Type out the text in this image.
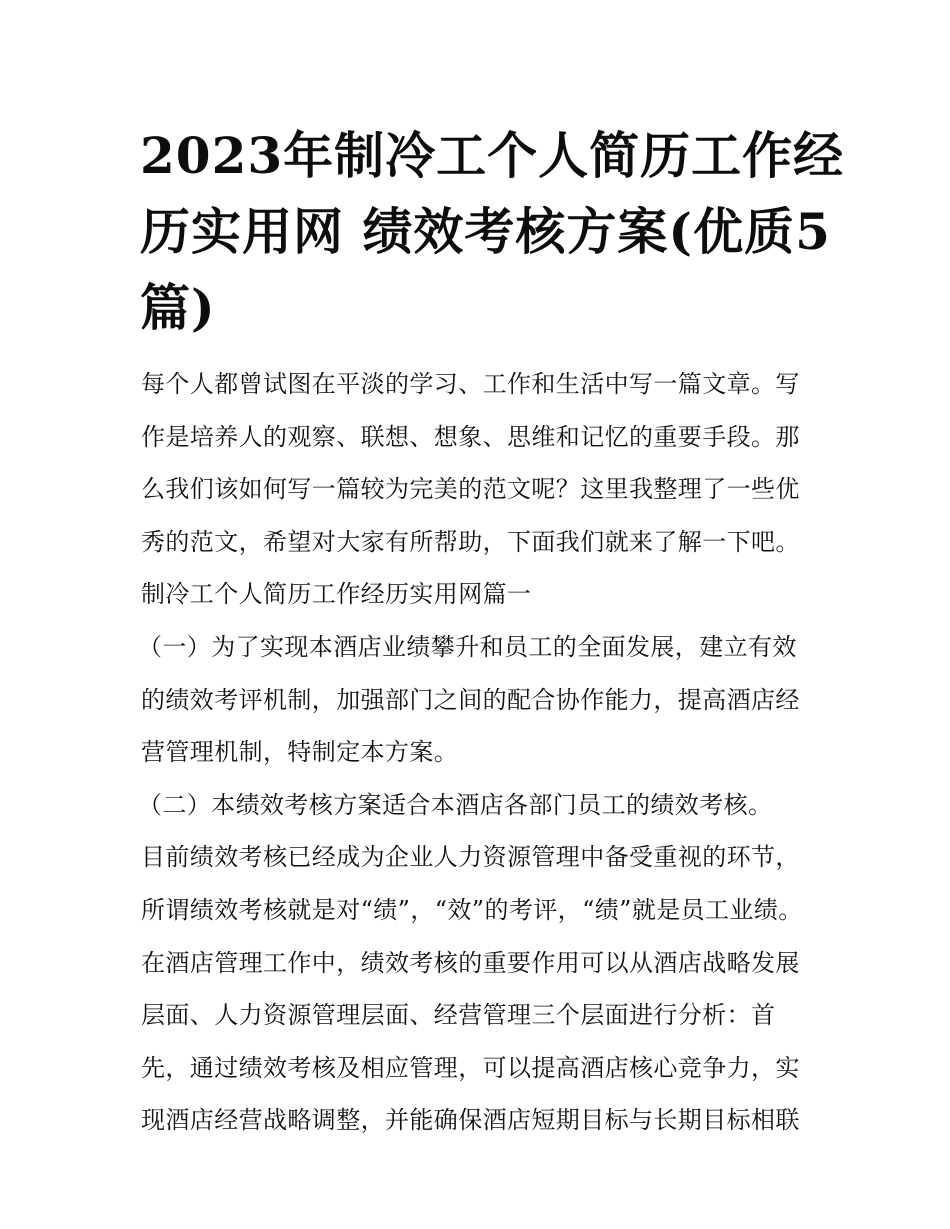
2023年制冷工个人简历工作经
历实用网 绩效考核方案(优质5
篇)
每个人都曾试图在平淡的学习、工作和生活中写一篇文章。写
作是培养人的观察、联想、想象、思维和记忆的重要手段。那
么我们该如何写一篇较为完美的范文呢？这里我整理了一些优
秀的范文，希望对大家有所帮助，下面我们就来了解一下吧。
制冷工个人简历工作经历实用网篇一
（一）为了实现本酒店业绩攀升和员工的全面发展，建立有效
的绩效考评机制，加强部门之间的配合协作能力，提高酒店经
营管理机制，特制定本方案。
（二）本绩效考核方案适合本酒店各部门员工的绩效考核。
目前绩效考核已经成为企业人力资源管理中备受重视的环节，
所谓绩效考核就是对“绩”，“效”的考评，“绩”就是员工业绩。
在酒店管理工作中，绩效考核的重要作用可以从酒店战略发展
层面、人力资源管理层面、经营管理三个层面进行分析：首
先，通过绩效考核及相应管理，可以提高酒店核心竞争力，实
现酒店经营战略调整，并能确保酒店短期目标与长期目标相联
